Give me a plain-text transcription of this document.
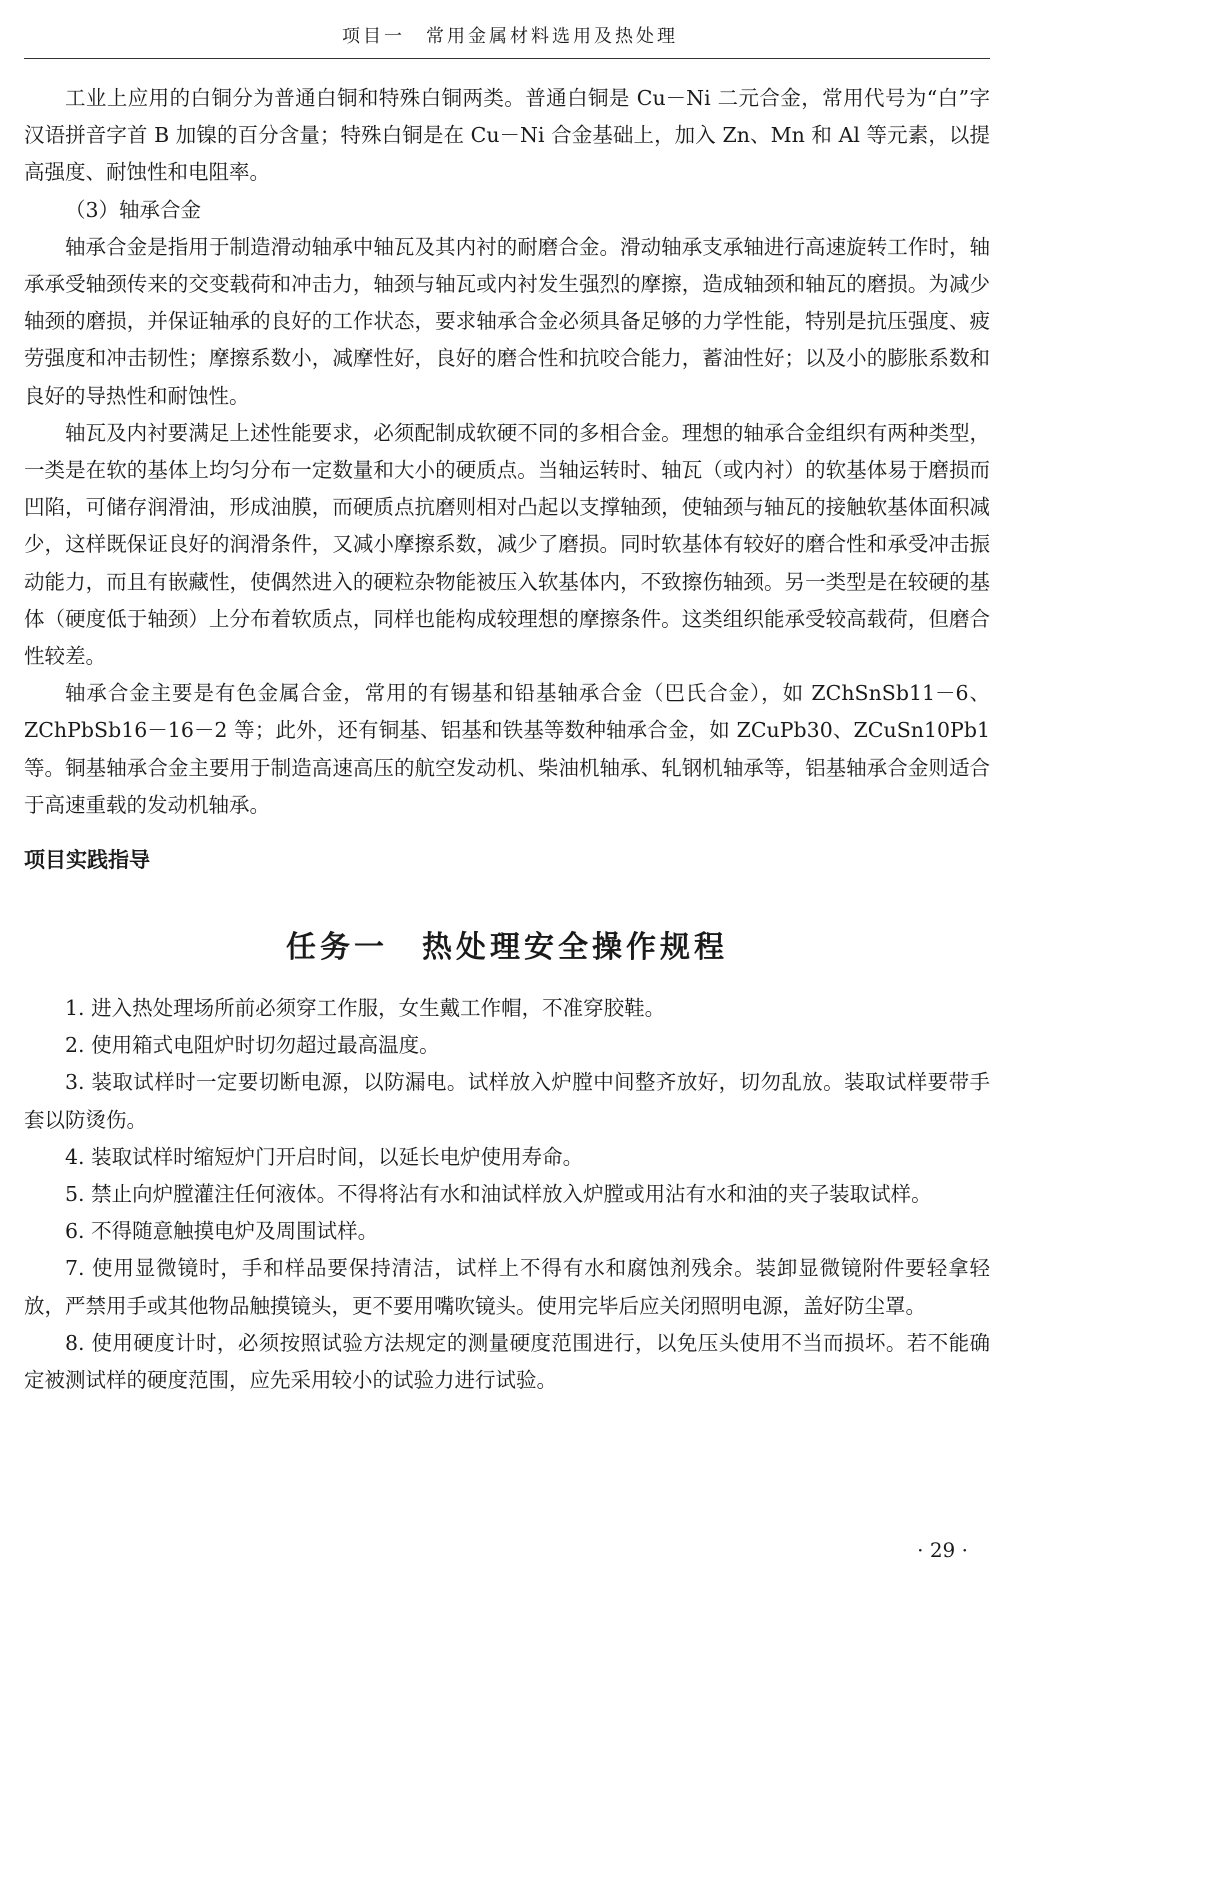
项目一　常用金属材料选用及热处理

工业上应用的白铜分为普通白铜和特殊白铜两类。普通白铜是 Cu－Ni 二元合金，常用代号为“白”字汉语拼音字首 B 加镍的百分含量；特殊白铜是在 Cu－Ni 合金基础上，加入 Zn、Mn 和 Al 等元素，以提高强度、耐蚀性和电阻率。

（3）轴承合金

轴承合金是指用于制造滑动轴承中轴瓦及其内衬的耐磨合金。滑动轴承支承轴进行高速旋转工作时，轴承承受轴颈传来的交变载荷和冲击力，轴颈与轴瓦或内衬发生强烈的摩擦，造成轴颈和轴瓦的磨损。为减少轴颈的磨损，并保证轴承的良好的工作状态，要求轴承合金必须具备足够的力学性能，特别是抗压强度、疲劳强度和冲击韧性；摩擦系数小，减摩性好，良好的磨合性和抗咬合能力，蓄油性好；以及小的膨胀系数和良好的导热性和耐蚀性。

轴瓦及内衬要满足上述性能要求，必须配制成软硬不同的多相合金。理想的轴承合金组织有两种类型，一类是在软的基体上均匀分布一定数量和大小的硬质点。当轴运转时、轴瓦（或内衬）的软基体易于磨损而凹陷，可储存润滑油，形成油膜，而硬质点抗磨则相对凸起以支撑轴颈，使轴颈与轴瓦的接触软基体面积减少，这样既保证良好的润滑条件，又减小摩擦系数，减少了磨损。同时软基体有较好的磨合性和承受冲击振动能力，而且有嵌藏性，使偶然进入的硬粒杂物能被压入软基体内，不致擦伤轴颈。另一类型是在较硬的基体（硬度低于轴颈）上分布着软质点，同样也能构成较理想的摩擦条件。这类组织能承受较高载荷，但磨合性较差。

轴承合金主要是有色金属合金，常用的有锡基和铅基轴承合金（巴氏合金），如 ZChSnSb11－6、ZChPbSb16－16－2 等；此外，还有铜基、铝基和铁基等数种轴承合金，如 ZCuPb30、ZCuSn10Pb1 等。铜基轴承合金主要用于制造高速高压的航空发动机、柴油机轴承、轧钢机轴承等，铝基轴承合金则适合于高速重载的发动机轴承。

项目实践指导
任务一　热处理安全操作规程

1. 进入热处理场所前必须穿工作服，女生戴工作帽，不准穿胶鞋。

2. 使用箱式电阻炉时切勿超过最高温度。

3. 装取试样时一定要切断电源，以防漏电。试样放入炉膛中间整齐放好，切勿乱放。装取试样要带手套以防烫伤。

4. 装取试样时缩短炉门开启时间，以延长电炉使用寿命。

5. 禁止向炉膛灌注任何液体。不得将沾有水和油试样放入炉膛或用沾有水和油的夹子装取试样。

6. 不得随意触摸电炉及周围试样。

7. 使用显微镜时，手和样品要保持清洁，试样上不得有水和腐蚀剂残余。装卸显微镜附件要轻拿轻放，严禁用手或其他物品触摸镜头，更不要用嘴吹镜头。使用完毕后应关闭照明电源，盖好防尘罩。

8. 使用硬度计时，必须按照试验方法规定的测量硬度范围进行，以免压头使用不当而损坏。若不能确定被测试样的硬度范围，应先采用较小的试验力进行试验。

· 29 ·
